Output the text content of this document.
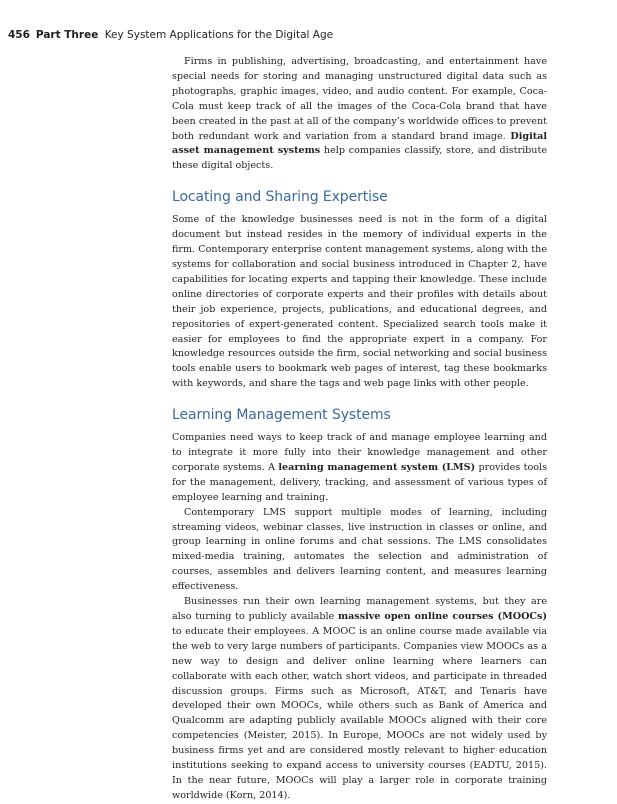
456 Part Three Key System Applications for the Digital Age

Firms in publishing, advertising, broadcasting, and entertainment have special needs for storing and managing unstructured digital data such as photographs, graphic images, video, and audio content. For example, Coca-Cola must keep track of all the images of the Coca-Cola brand that have been created in the past at all of the company’s worldwide offices to prevent both redundant work and variation from a standard brand image. Digital asset management systems help companies classify, store, and distribute these digital objects.

Locating and Sharing Expertise

Some of the knowledge businesses need is not in the form of a digital document but instead resides in the memory of individual experts in the firm. Contemporary enterprise content management systems, along with the systems for collaboration and social business introduced in Chapter 2, have capabilities for locating experts and tapping their knowledge. These include online directories of corporate experts and their profiles with details about their job experience, projects, publications, and educational degrees, and repositories of expert-generated content. Specialized search tools make it easier for employees to find the appropriate expert in a company. For knowledge resources outside the firm, social networking and social business tools enable users to bookmark web pages of interest, tag these bookmarks with keywords, and share the tags and web page links with other people.

Learning Management Systems

Companies need ways to keep track of and manage employee learning and to integrate it more fully into their knowledge management and other corporate systems. A learning management system (LMS) provides tools for the management, delivery, tracking, and assessment of various types of employee learning and training.

Contemporary LMS support multiple modes of learning, including streaming videos, webinar classes, live instruction in classes or online, and group learning in online forums and chat sessions. The LMS consolidates mixed-media training, automates the selection and administration of courses, assembles and delivers learning content, and measures learning effectiveness.

Businesses run their own learning management systems, but they are also turning to publicly available massive open online courses (MOOCs) to educate their employees. A MOOC is an online course made available via the web to very large numbers of participants. Companies view MOOCs as a new way to design and deliver online learning where learners can collaborate with each other, watch short videos, and participate in threaded discussion groups. Firms such as Microsoft, AT&T, and Tenaris have developed their own MOOCs, while others such as Bank of America and Qualcomm are adapting publicly available MOOCs aligned with their core competencies (Meister, 2015). In Europe, MOOCs are not widely used by business firms yet and are considered mostly relevant to higher education institutions seeking to expand access to university courses (EADTU, 2015). In the near future, MOOCs will play a larger role in corporate training worldwide (Korn, 2014).
